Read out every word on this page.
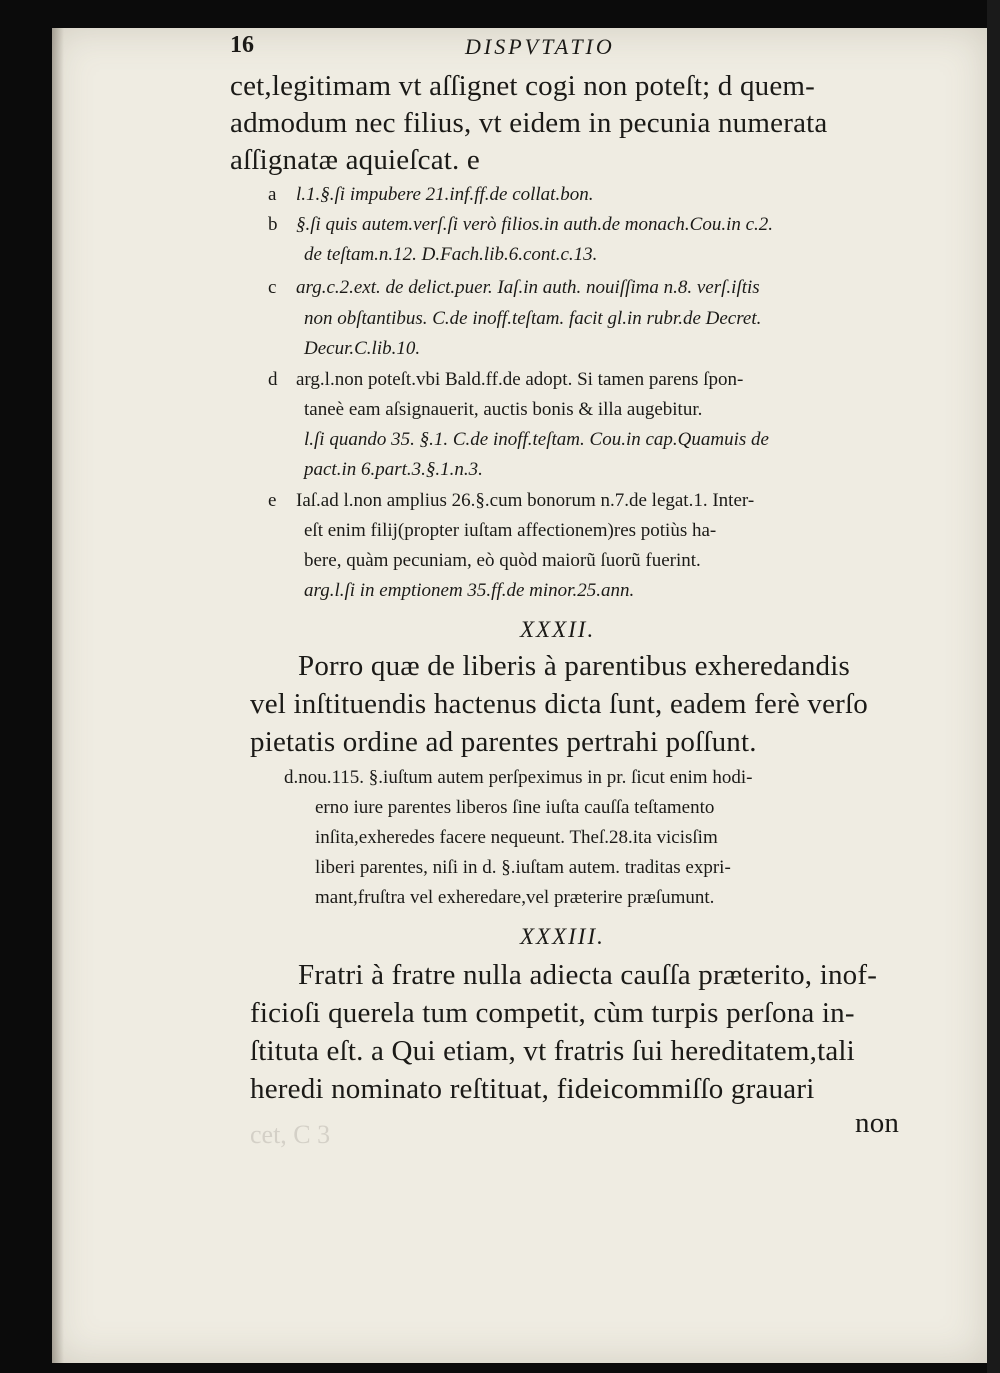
16	DISPVTATIO
cet,legitimam vt aſſignet cogi non poteſt; d quem-
admodum nec filius, vt eidem in pecunia numerata
aſſignatæ aquieſcat. e
a l.1.§.ſi impubere 21.inf.ff.de collat.bon.
b §.ſi quis autem.verſ.ſi verò filios.in auth.de monach.Cou.in c.2.
de teſtam.n.12. D.Fach.lib.6.cont.c.13.
c arg.c.2.ext. de delict.puer. Iaſ.in auth. nouiſſima n.8. verſ.iſtis
non obſtantibus. C.de inoff.teſtam. facit gl.in rubr.de Decret.
Decur.C.lib.10.
d arg.l.non poteſt.vbi Bald.ff.de adopt. Si tamen parens ſpon-
taneè eam aſsignauerit, auctis bonis & illa augebitur.
l.ſi quando 35. §.1. C.de inoff.teſtam. Cou.in cap.Quamuis de
pact.in 6.part.3.§.1.n.3.
e Iaſ.ad l.non amplius 26.§.cum bonorum n.7.de legat.1. Inter-
eſt enim filij(propter iuſtam affectionem)res potiùs ha-
bere, quàm pecuniam, eò quòd maiorũ ſuorũ fuerint.
arg.l.ſi in emptionem 35.ff.de minor.25.ann.
XXXII.
Porro quæ de liberis à parentibus exheredandis
vel inſtituendis hactenus dicta ſunt, eadem ferè verſo
pietatis ordine ad parentes pertrahi poſſunt.
d.nou.115. §.iuſtum autem perſpeximus in pr. ſicut enim hodi-
erno iure parentes liberos ſine iuſta cauſſa teſtamento
inſita,exheredes facere nequeunt. Theſ.28.ita vicisſim
liberi parentes, niſi in d. §.iuſtam autem. traditas expri-
mant,fruſtra vel exheredare,vel præterire præſumunt.
XXXIII.
Fratri à fratre nulla adiecta cauſſa præterito, inof-
ficioſi querela tum competit, cùm turpis perſona in-
ſtituta eſt. a Qui etiam, vt fratris ſui hereditatem,tali
heredi nominato reſtituat, fideicommiſſo grauari
non
cet, C 3
